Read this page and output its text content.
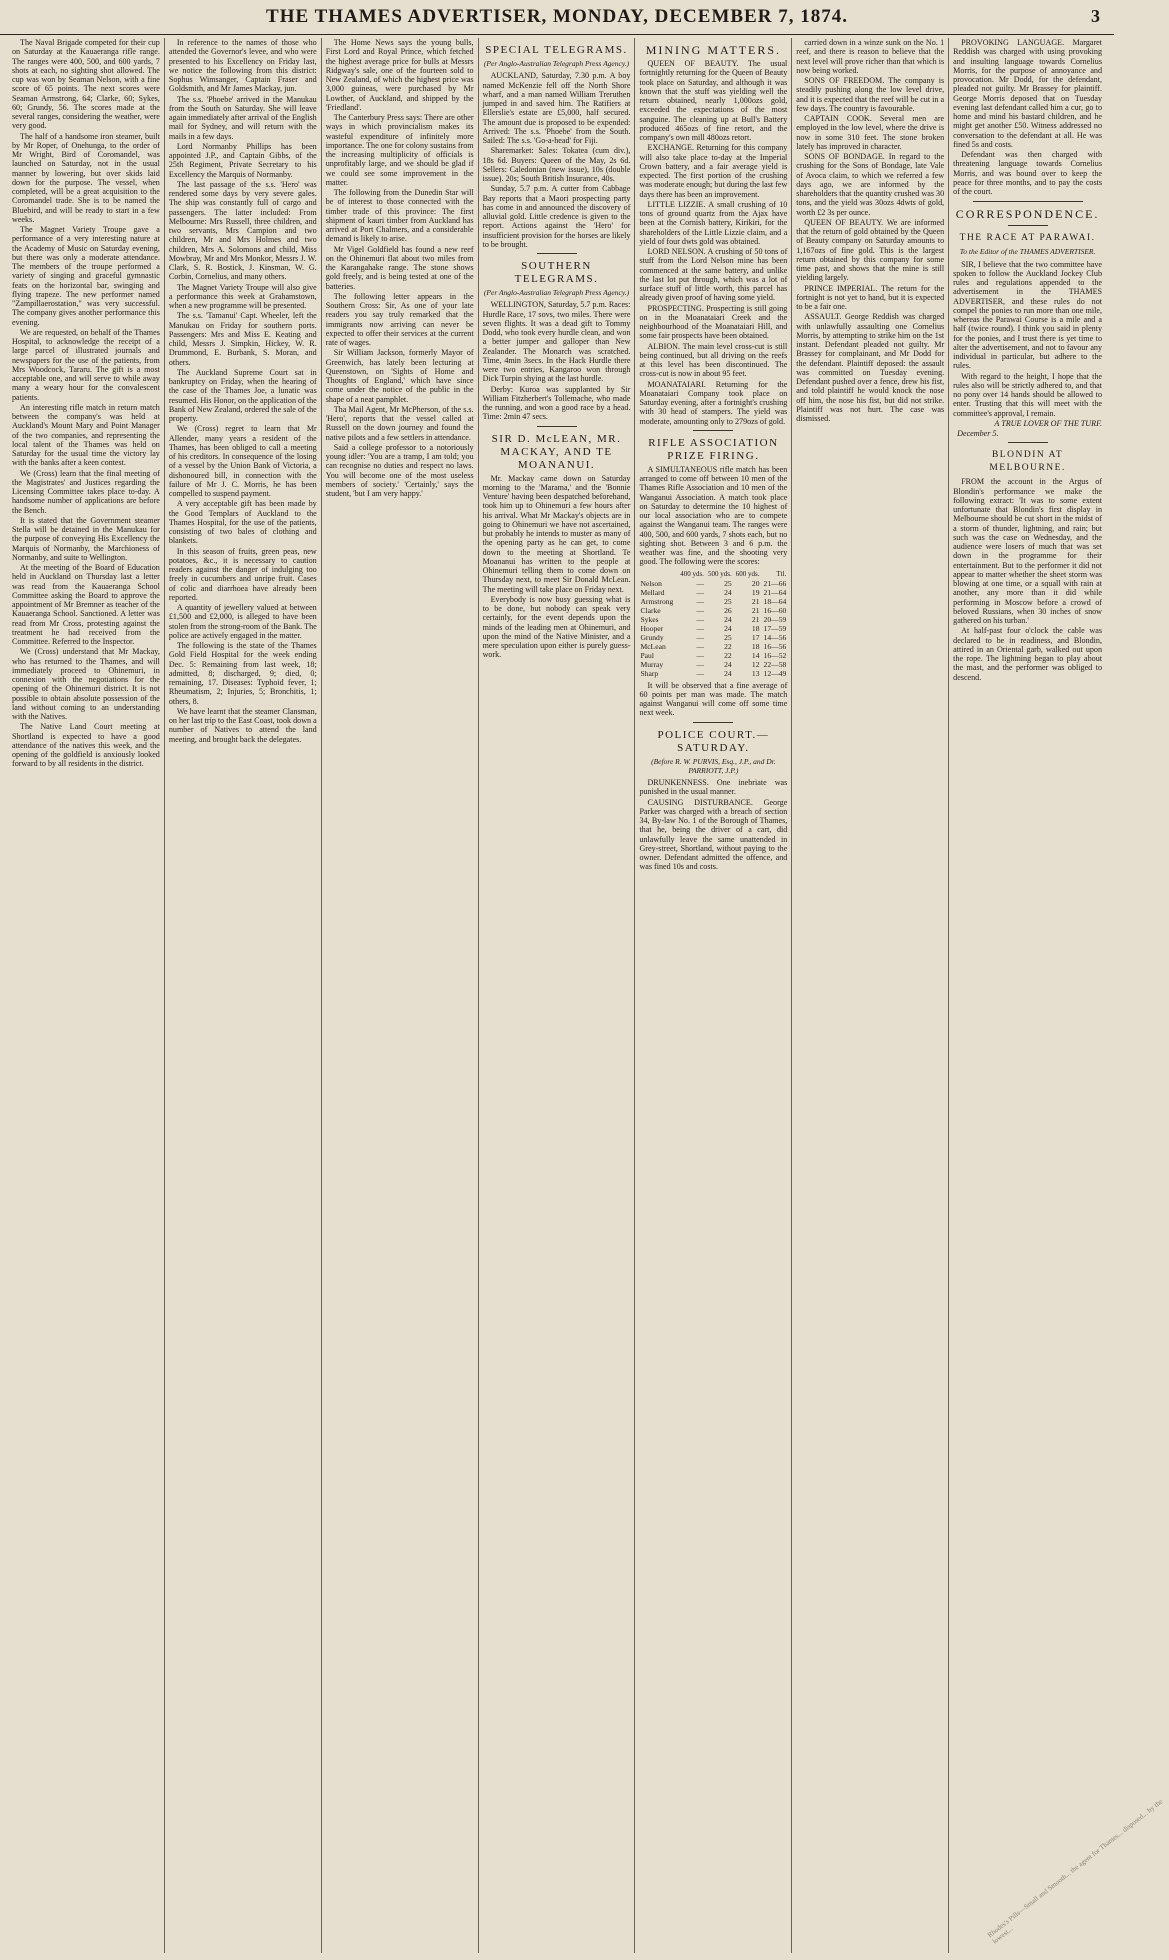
THE THAMES ADVERTISER, MONDAY, DECEMBER 7, 1874.	3

The Naval Brigade competed for their cup on Saturday at the Kauaeranga rifle range. The ranges were 400, 500, and 600 yards, 7 shots at each, no sighting shot allowed. The cup was won by Seaman Nelson, with a fine score of 65 points. The next scores were Seaman Armstrong, 64; Clarke, 60; Sykes, 60; Grundy, 56. The scores made at the several ranges, considering the weather, were very good.

The half of a handsome iron steamer, built by Mr Roper, of Onehunga, to the order of Mr Wright, Bird of Coromandel, was launched on Saturday, not in the usual manner by lowering, but over skids laid down for the purpose. The vessel, when completed, will be a great acquisition to the Coromandel trade. She is to be named the Bluebird, and will be ready to start in a few weeks.

The Magnet Variety Troupe gave a performance of a very interesting nature at the Academy of Music on Saturday evening, but there was only a moderate attendance. The members of the troupe performed a variety of singing and graceful gymnastic feats on the horizontal bar, swinging and flying trapeze. The new performer named "Zampillaerostation," was very successful. The company gives another performance this evening.

We are requested, on behalf of the Thames Hospital, to acknowledge the receipt of a large parcel of illustrated journals and newspapers for the use of the patients, from Mrs Woodcock, Tararu. The gift is a most acceptable one, and will serve to while away many a weary hour for the convalescent patients.

An interesting rifle match in return match between the company's was held at Auckland's Mount Mary and Point Manager of the two companies, and representing the local talent of the Thames was held on Saturday for the usual time the victory lay with the banks after a keen contest.

We (Cross) learn that the final meeting of the Magistrates' and Justices regarding the Licensing Committee takes place to-day. A handsome number of applications are before the Bench.

It is stated that the Government steamer Stella will be detained in the Manukau for the purpose of conveying His Excellency the Marquis of Normanby, the Marchioness of Normanby, and suite to Wellington.

At the meeting of the Board of Education held in Auckland on Thursday last a letter was read from the Kauaeranga School Committee asking the Board to approve the appointment of Mr Bremner as teacher of the Kauaeranga School. Sanctioned. A letter was read from Mr Cross, protesting against the treatment he had received from the Committee. Referred to the Inspector.

We (Cross) understand that Mr Mackay, who has returned to the Thames, and will immediately proceed to Ohinemuri, in connexion with the negotiations for the opening of the Ohinemuri district. It is not possible to obtain absolute possession of the land without coming to an understanding with the Natives.

The Native Land Court meeting at Shortland is expected to have a good attendance of the natives this week, and the opening of the goldfield is anxiously looked forward to by all residents in the district.

In reference to the names of those who attended the Governor's levee, and who were presented to his Excellency on Friday last, we notice the following from this district: Sophus Wimsanger, Captain Fraser and Goldsmith, and Mr James Mackay, jun.

The s.s. 'Phoebe' arrived in the Manukau from the South on Saturday. She will leave again immediately after arrival of the English mail for Sydney, and will return with the mails in a few days.

Lord Normanby Phillips has been appointed J.P., and Captain Gibbs, of the 25th Regiment, Private Secretary to his Excellency the Marquis of Normanby.

The last passage of the s.s. 'Hero' was rendered some days by very severe gales. The ship was constantly full of cargo and passengers. The latter included: From Melbourne: Mrs Russell, three children, and two servants, Mrs Campion and two children, Mr and Mrs Holmes and two children, Mrs A. Solomons and child, Miss Mowbray, Mr and Mrs Monkor, Messrs J. W. Clark, S. R. Bostick, J. Kinsman, W. G. Corbin, Cornelius, and many others.

The Magnet Variety Troupe will also give a performance this week at Grahamstown, when a new programme will be presented.

The s.s. 'Tamanui' Capt. Wheeler, left the Manukau on Friday for southern ports. Passengers: Mrs and Miss E. Keating and child, Messrs J. Simpkin, Hickey, W. R. Drummond, E. Burbank, S. Moran, and others.

The Auckland Supreme Court sat in bankruptcy on Friday, when the hearing of the case of the Thames Joe, a lunatic was resumed. His Honor, on the application of the Bank of New Zealand, ordered the sale of the property.

We (Cross) regret to learn that Mr Allender, many years a resident of the Thames, has been obliged to call a meeting of his creditors. In consequence of the losing of a vessel by the Union Bank of Victoria, a dishonoured bill, in connection with the failure of Mr J. C. Morris, he has been compelled to suspend payment.

A very acceptable gift has been made by the Good Templars of Auckland to the Thames Hospital, for the use of the patients, consisting of two bales of clothing and blankets.

In this season of fruits, green peas, new potatoes, &c., it is necessary to caution readers against the danger of indulging too freely in cucumbers and unripe fruit. Cases of colic and diarrhoea have already been reported.

A quantity of jewellery valued at between £1,500 and £2,000, is alleged to have been stolen from the strong-room of the Bank. The police are actively engaged in the matter.

The following is the state of the Thames Gold Field Hospital for the week ending Dec. 5: Remaining from last week, 18; admitted, 8; discharged, 9; died, 0; remaining, 17. Diseases: Typhoid fever, 1; Rheumatism, 2; Injuries, 5; Bronchitis, 1; others, 8.

We have learnt that the steamer Clansman, on her last trip to the East Coast, took down a number of Natives to attend the land meeting, and brought back the delegates.

The Home News says the young bulls, First Lord and Royal Prince, which fetched the highest average price for bulls at Messrs Ridgway's sale, one of the fourteen sold to New Zealand, of which the highest price was 3,000 guineas, were purchased by Mr Lowther, of Auckland, and shipped by the 'Friedland'.

The Canterbury Press says: There are other ways in which provincialism makes its wasteful expenditure of infinitely more importance. The one for colony sustains from the increasing multiplicity of officials is unprofitably large, and we should be glad if we could see some improvement in the matter.

The following from the Dunedin Star will be of interest to those connected with the timber trade of this province: The first shipment of kauri timber from Auckland has arrived at Port Chalmers, and a considerable demand is likely to arise.

Mr Vigel Goldfield has found a new reef on the Ohinemuri flat about two miles from the Karangahake range. The stone shows gold freely, and is being tested at one of the batteries.

The following letter appears in the Southern Cross: Sir, As one of your late readers you say truly remarked that the immigrants now arriving can never be expected to offer their services at the current rate of wages.

Sir William Jackson, formerly Mayor of Greenwich, has lately been lecturing at Queenstown, on 'Sights of Home and Thoughts of England,' which have since come under the notice of the public in the shape of a neat pamphlet.

Tha Mail Agent, Mr McPherson, of the s.s. 'Hero', reports that the vessel called at Russell on the down journey and found the native pilots and a few settlers in attendance.

Said a college professor to a notoriously young idler: 'You are a tramp, I am told; you can recognise no duties and respect no laws. You will become one of the most useless members of society.' 'Certainly,' says the student, 'but I am very happy.'

SPECIAL TELEGRAMS.

(Per Anglo-Australian Telegraph Press Agency.)

AUCKLAND, Saturday, 7.30 p.m. A boy named McKenzie fell off the North Shore wharf, and a man named William Treruthen jumped in and saved him. The Ratifiers at Ellerslie's estate are £5,000, half secured. The amount due is proposed to be expended: Arrived: The s.s. 'Phoebe' from the South. Sailed: The s.s. 'Go-a-head' for Fiji.

Sharemarket: Sales: Tokatea (cum div.), 18s 6d. Buyers: Queen of the May, 2s 6d. Sellers: Caledonian (new issue), 10s (double issue). 20s; South British Insurance, 40s.

Sunday, 5.7 p.m. A cutter from Cabbage Bay reports that a Maori prospecting party has come in and announced the discovery of alluvial gold. Little credence is given to the report. Actions against the 'Hero' for insufficient provision for the horses are likely to be brought.

SOUTHERN TELEGRAMS.

(Per Anglo-Australian Telegraph Press Agency.)

WELLINGTON, Saturday, 5.7 p.m. Races: Hurdle Race, 17 sovs, two miles. There were seven flights. It was a dead gift to Tommy Dodd, who took every hurdle clean, and won a better jumper and galloper than New Zealander. The Monarch was scratched. Time, 4min 3secs. In the Hack Hurdle there were two entries, Kangaroo won through Dick Turpin shying at the last hurdle.

Derby: Kuroa was supplanted by Sir William Fitzherbert's Tollemache, who made the running, and won a good race by a head. Time: 2min 47 secs.

SIR D. McLEAN, MR. MACKAY, AND TE MOANANUI.

Mr. Mackay came down on Saturday morning to the 'Marama,' and the 'Bonnie Venture' having been despatched beforehand, took him up to Ohinemuri a few hours after his arrival. What Mr Mackay's objects are in going to Ohinemuri we have not ascertained, but probably he intends to muster as many of the opening party as he can get, to come down to the meeting at Shortland. Te Moananui has written to the people at Ohinemuri telling them to come down on Thursday next, to meet Sir Donald McLean. The meeting will take place on Friday next.

Everybody is now busy guessing what is to be done, but nobody can speak very certainly, for the event depends upon the minds of the leading men at Ohinemuri, and upon the mind of the Native Minister, and a mere speculation upon either is purely guess-work.

MINING MATTERS.

QUEEN OF BEAUTY. The usual fortnightly returning for the Queen of Beauty took place on Saturday, and although it was known that the stuff was yielding well the return obtained, nearly 1,000ozs gold, exceeded the expectations of the most sanguine. The cleaning up at Bull's Battery produced 465ozs of fine retort, and the company's own mill 480ozs retort.

EXCHANGE. Returning for this company will also take place to-day at the Imperial Crown battery, and a fair average yield is expected. The first portion of the crushing was moderate enough; but during the last few days there has been an improvement.

LITTLE LIZZIE. A small crushing of 10 tons of ground quartz from the Ajax have been at the Cornish battery, Kirikiri, for the shareholders of the Little Lizzie claim, and a yield of four dwts gold was obtained.

LORD NELSON. A crushing of 50 tons of stuff from the Lord Nelson mine has been commenced at the same battery, and unlike the last lot put through, which was a lot of surface stuff of little worth, this parcel has already given proof of having some yield.

PROSPECTING. Prospecting is still going on in the Moanataiari Creek and the neighbourhood of the Moanataiari Hill, and some fair prospects have been obtained.

ALBION. The main level cross-cut is still being continued, but all driving on the reefs at this level has been discontinued. The cross-cut is now in about 95 feet.

MOANATAIARI. Returning for the Moanataiari Company took place on Saturday evening, after a fortnight's crushing with 30 head of stampers. The yield was moderate, amounting only to 279ozs of gold.

RIFLE ASSOCIATION PRIZE FIRING.

A SIMULTANEOUS rifle match has been arranged to come off between 10 men of the Thames Rifle Association and 10 men of the Wanganui Association. A match took place on Saturday to determine the 10 highest of our local association who are to compete against the Wanganui team. The ranges were 400, 500, and 600 yards, 7 shots each, but no sighting shot. Between 3 and 6 p.m. the weather was fine, and the shooting very good. The following were the scores:

	400 yds.	500 yds.	600 yds.	Ttl.
Nelson	—	25	20	21—66
Mellard	—	24	19	21—64
Armstrong	—	25	21	18—64
Clarke	—	26	21	16—60
Sykes	—	24	21	20—59
Hooper	—	24	18	17—59
Grundy	—	25	17	14—56
McLean	—	22	18	16—56
Paul	—	22	14	16—52
Murray	—	24	12	22—58
Sharp	—	24	13	12—49

It will be observed that a fine average of 60 points per man was made. The match against Wanganui will come off some time next week.

POLICE COURT.—SATURDAY.

(Before R. W. PURVIS, Esq., J.P., and Dr. PARRIOTT, J.P.)

DRUNKENNESS. One inebriate was punished in the usual manner.

CAUSING DISTURBANCE. George Parker was charged with a breach of section 34, By-law No. 1 of the Borough of Thames, that he, being the driver of a cart, did unlawfully leave the same unattended in Grey-street, Shortland, without paying to the owner. Defendant admitted the offence, and was fined 10s and costs.

carried down in a winze sunk on the No. 1 reef, and there is reason to believe that the next level will prove richer than that which is now being worked.

SONS OF FREEDOM. The company is steadily pushing along the low level drive, and it is expected that the reef will be cut in a few days. The country is favourable.

CAPTAIN COOK. Several men are employed in the low level, where the drive is now in some 310 feet. The stone broken lately has improved in character.

SONS OF BONDAGE. In regard to the crushing for the Sons of Bondage, late Vale of Avoca claim, to which we referred a few days ago, we are informed by the shareholders that the quantity crushed was 30 tons, and the yield was 30ozs 4dwts of gold, worth £2 3s per ounce.

QUEEN OF BEAUTY. We are informed that the return of gold obtained by the Queen of Beauty company on Saturday amounts to 1,167ozs of fine gold. This is the largest return obtained by this company for some time past, and shows that the mine is still yielding largely.

PRINCE IMPERIAL. The return for the fortnight is not yet to hand, but it is expected to be a fair one.

ASSAULT. George Reddish was charged with unlawfully assaulting one Cornelius Morris, by attempting to strike him on the 1st instant. Defendant pleaded not guilty. Mr Brassey for complainant, and Mr Dodd for the defendant. Plaintiff deposed: the assault was committed on Tuesday evening. Defendant pushed over a fence, drew his fist, and told plaintiff he would knock the nose off him, the nose his fist, but did not strike. Plaintiff was not hurt. The case was dismissed.

PROVOKING LANGUAGE. Margaret Reddish was charged with using provoking and insulting language towards Cornelius Morris, for the purpose of annoyance and provocation. Mr Dodd, for the defendant, pleaded not guilty. Mr Brassey for plaintiff. George Morris deposed that on Tuesday evening last defendant called him a cur, go to home and mind his bastard children, and he might get another £50. Witness addressed no conversation to the defendant at all. He was fined 5s and costs.

Defendant was then charged with threatening language towards Cornelius Morris, and was bound over to keep the peace for three months, and to pay the costs of the court.

CORRESPONDENCE.

THE RACE AT PARAWAI.

To the Editor of the THAMES ADVERTISER.

SIR, I believe that the two committee have spoken to follow the Auckland Jockey Club rules and regulations appended to the advertisement in the THAMES ADVERTISER, and these rules do not compel the ponies to run more than one mile, whereas the Parawai Course is a mile and a half (twice round). I think you said in plenty for the ponies, and I trust there is yet time to alter the advertisement, and not to favour any individual in particular, but adhere to the rules.

With regard to the height, I hope that the rules also will be strictly adhered to, and that no pony over 14 hands should be allowed to enter. Trusting that this will meet with the committee's approval, I remain.

A TRUE LOVER OF THE TURF.

December 5.

BLONDIN AT MELBOURNE.

FROM the account in the Argus of Blondin's performance we make the following extract: 'It was to some extent unfortunate that Blondin's first display in Melbourne should be cut short in the midst of a storm of thunder, lightning, and rain; but such was the case on Wednesday, and the audience were losers of much that was set down in the programme for their entertainment. But to the performer it did not appear to matter whether the sheet storm was blowing at one time, or a squall with rain at another, any more than it did while performing in Moscow before a crowd of beloved Russians, when 30 inches of snow gathered on his turban.'

At half-past four o'clock the cable was declared to be in readiness, and Blondin, attired in an Oriental garb, walked out upon the rope. The lightning began to play about the mast, and the performer was obliged to descend.

Rhodes's Pills—Small and Smooth... the agent for Thames... disposed... by the lowest...
